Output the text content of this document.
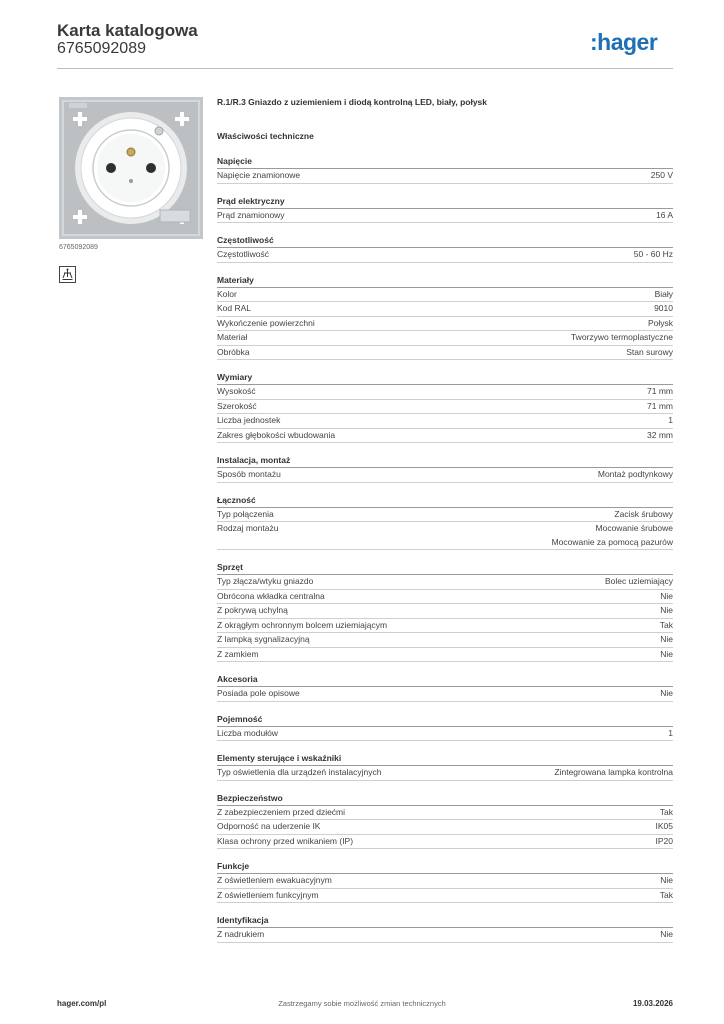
Karta katalogowa
6765092089	:hager
6765092089
R.1/R.3 Gniazdo z uziemieniem i diodą kontrolną LED, biały, połysk
Właściwości techniczne
Napięcie
Napięcie znamionowe	250 V
Prąd elektryczny
Prąd znamionowy	16 A
Częstotliwość
Częstotliwość	50 - 60 Hz
Materiały
Kolor	Biały
Kod RAL	9010
Wykończenie powierzchni	Połysk
Materiał	Tworzywo termoplastyczne
Obróbka	Stan surowy
Wymiary
Wysokość	71 mm
Szerokość	71 mm
Liczba jednostek	1
Zakres głębokości wbudowania	32 mm
Instalacja, montaż
Sposób montażu	Montaż podtynkowy
Łączność
Typ połączenia	Zacisk śrubowy
Rodzaj montażu	Mocowanie śrubowe
Mocowanie za pomocą pazurów
Sprzęt
Typ złącza/wtyku gniazdo	Bolec uziemiający
Obrócona wkładka centralna	Nie
Z pokrywą uchylną	Nie
Z okrągłym ochronnym bolcem uziemiającym	Tak
Z lampką sygnalizacyjną	Nie
Z zamkiem	Nie
Akcesoria
Posiada pole opisowe	Nie
Pojemność
Liczba modułów	1
Elementy sterujące i wskaźniki
Typ oświetlenia dla urządzeń instalacyjnych	Zintegrowana lampka kontrolna
Bezpieczeństwo
Z zabezpieczeniem przed dziećmi	Tak
Odporność na uderzenie IK	IK05
Klasa ochrony przed wnikaniem (IP)	IP20
Funkcje
Z oświetleniem ewakuacyjnym	Nie
Z oświetleniem funkcyjnym	Tak
Identyfikacja
Z nadrukiem	Nie
hager.com/pl	Zastrzegamy sobie możliwość zmian technicznych	19.03.2026
